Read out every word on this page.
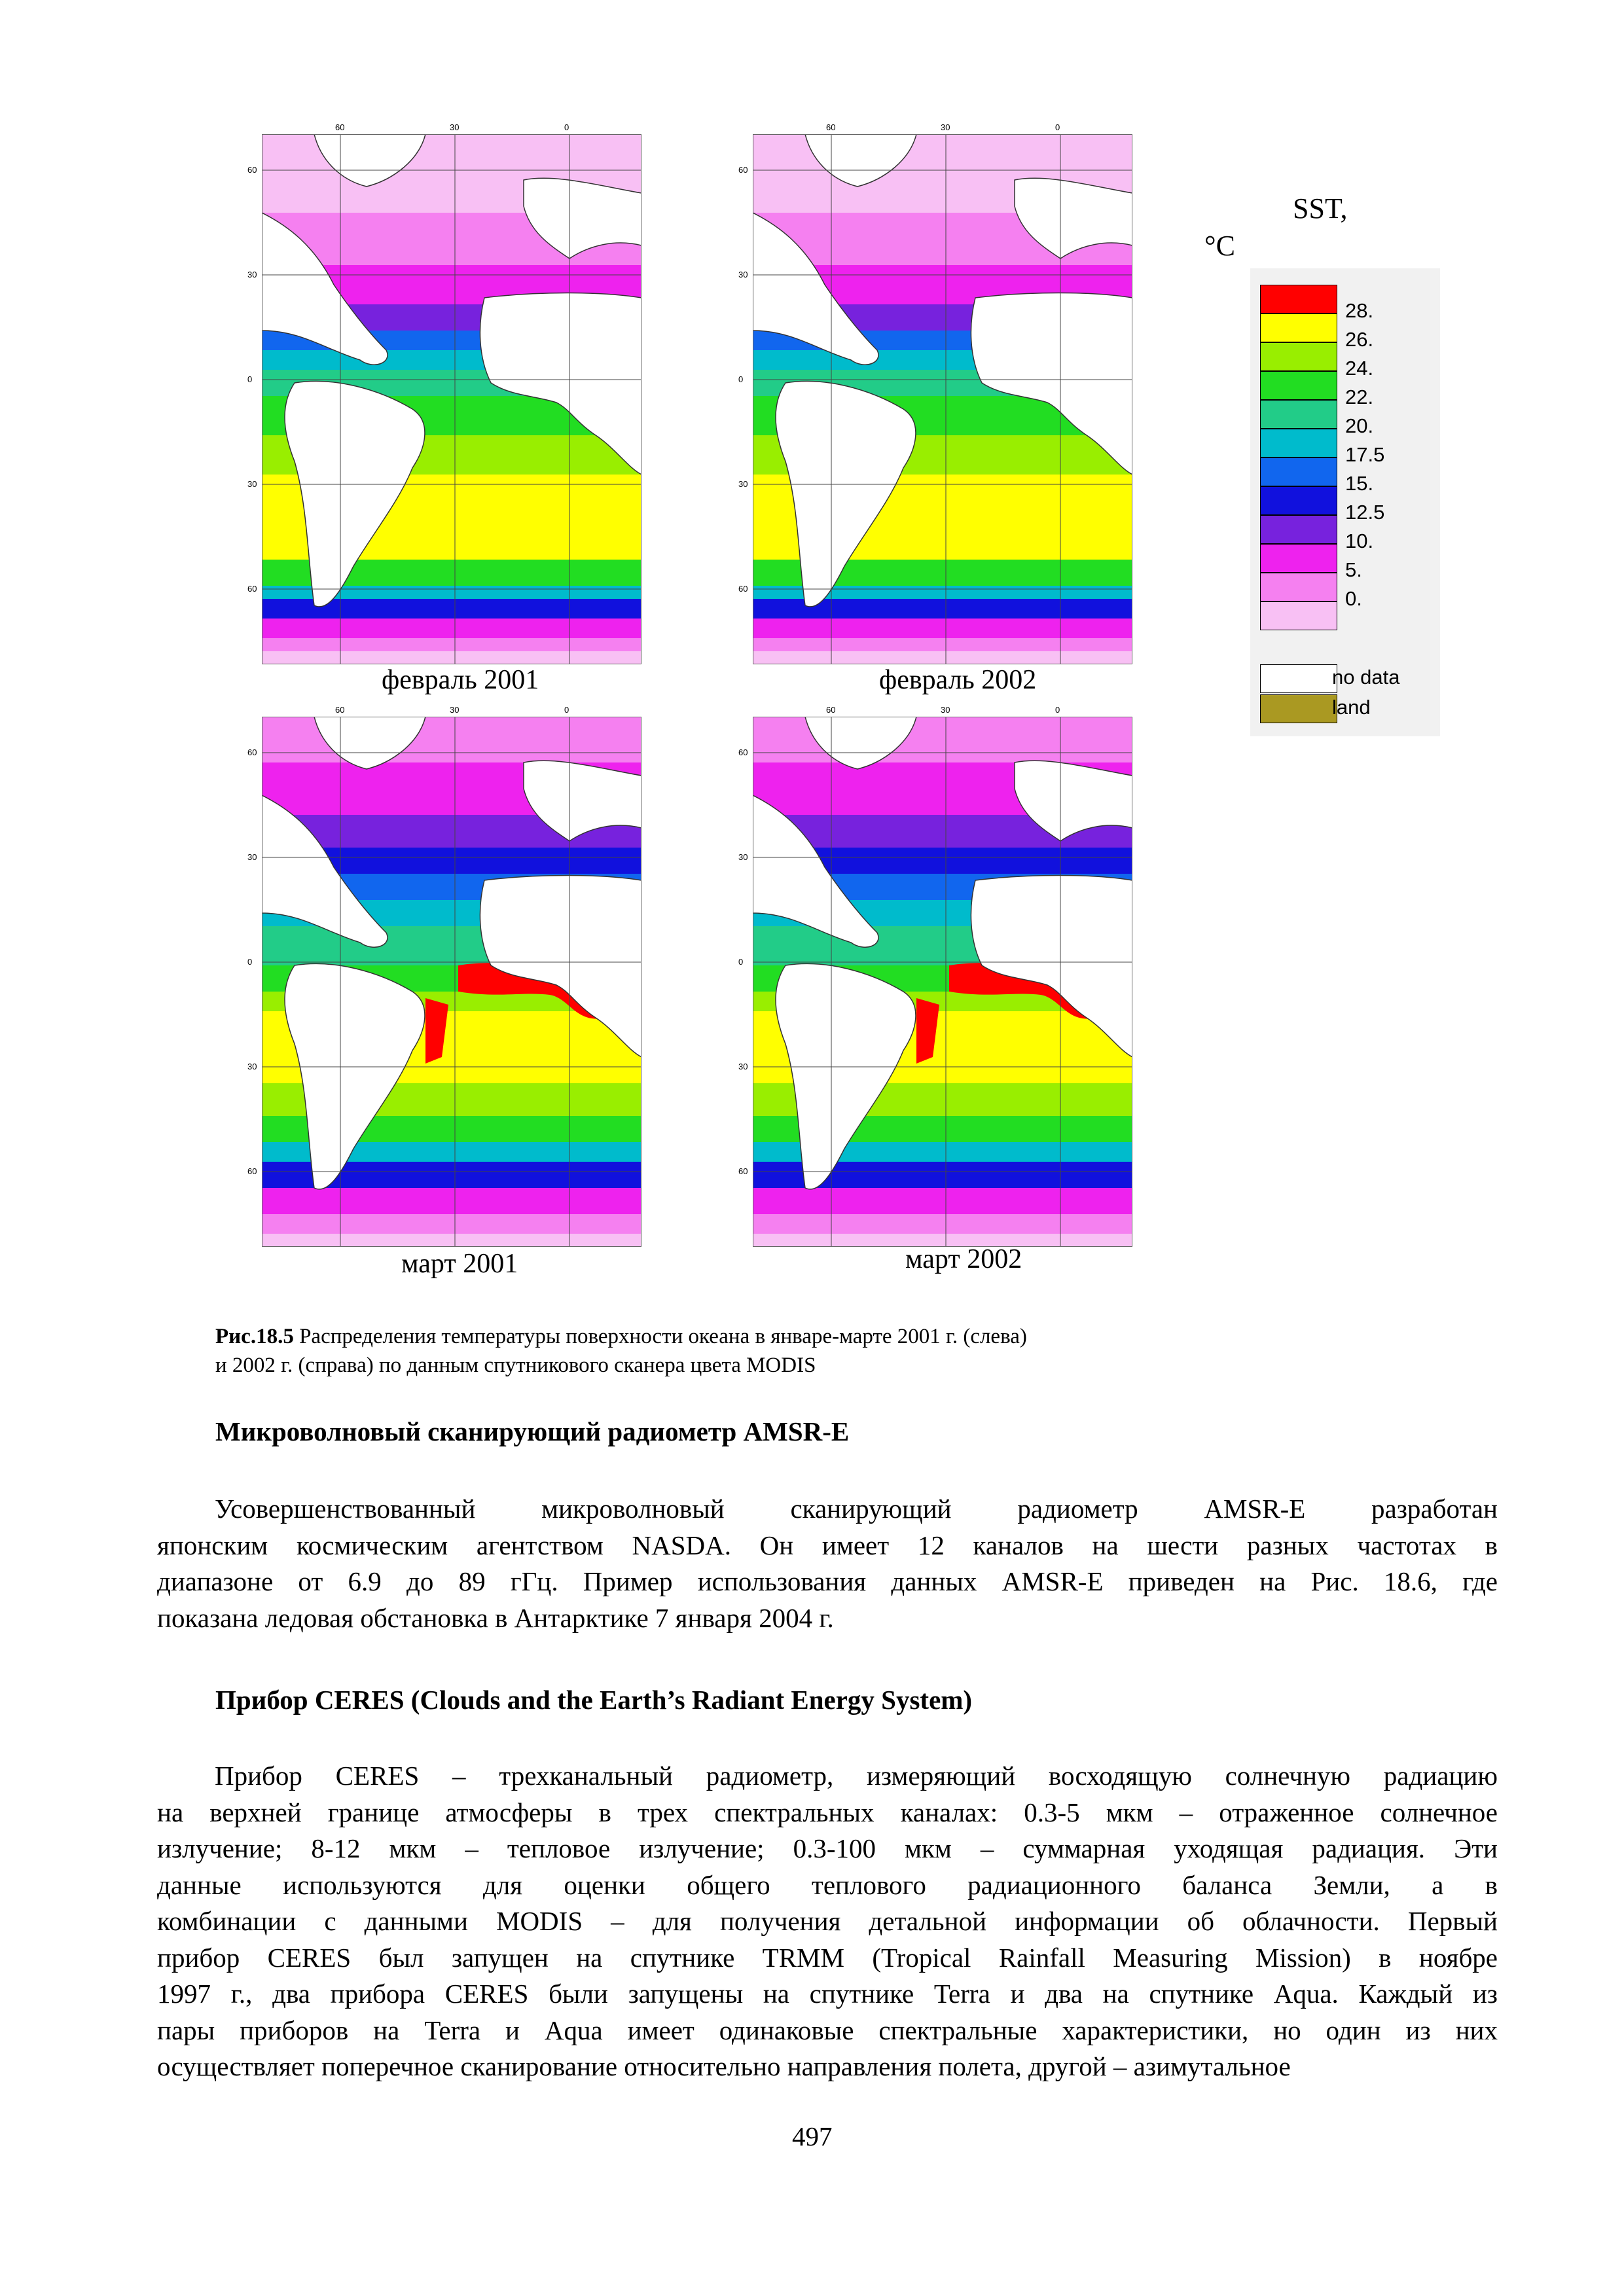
60	30	0
60
30
0
30
60
60	30	0
60
30
0
30
60
60	30	0
60
30
0
30
60
60	30	0
60
30
0
30
60
февраль 2001	февраль 2002
март 2001	март 2002
SST,
°C
28.
26.
24.
22.
20.
17.5
15.
12.5
10.
5.
0.
no data
land
Рис.18.5 Распределения температуры поверхности океана в январе-марте 2001 г. (слева)
и 2002 г. (справа) по данным спутникового сканера цвета MODIS
Микроволновый сканирующий радиометр AMSR-E
Усовершенствованный микроволновый сканирующий радиометр AMSR-E разработан
японским космическим агентством NASDA. Он имеет 12 каналов на шести разных частотах в
диапазоне от 6.9 до 89 гГц. Пример использования данных AMSR-E приведен на Рис. 18.6, где
показана ледовая обстановка в Антарктике 7 января 2004 г.
Прибор CERES (Clouds and the Earth’s Radiant Energy System)
Прибор CERES – трехканальный радиометр, измеряющий восходящую солнечную радиацию
на верхней границе атмосферы в трех спектральных каналах: 0.3-5 мкм – отраженное солнечное
излучение; 8-12 мкм – тепловое излучение; 0.3-100 мкм – суммарная уходящая радиация. Эти
данные используются для оценки общего теплового радиационного баланса Земли, а в
комбинации с данными MODIS – для получения детальной информации об облачности. Первый
прибор CERES был запущен на спутнике TRMM (Tropical Rainfall Measuring Mission) в ноябре
1997 г., два прибора CERES были запущены на спутнике Terra и два на спутнике Aqua. Каждый из
пары приборов на Terra и Aqua имеет одинаковые спектральные характеристики, но один из них
осуществляет поперечное сканирование относительно направления полета, другой – азимутальное
497
